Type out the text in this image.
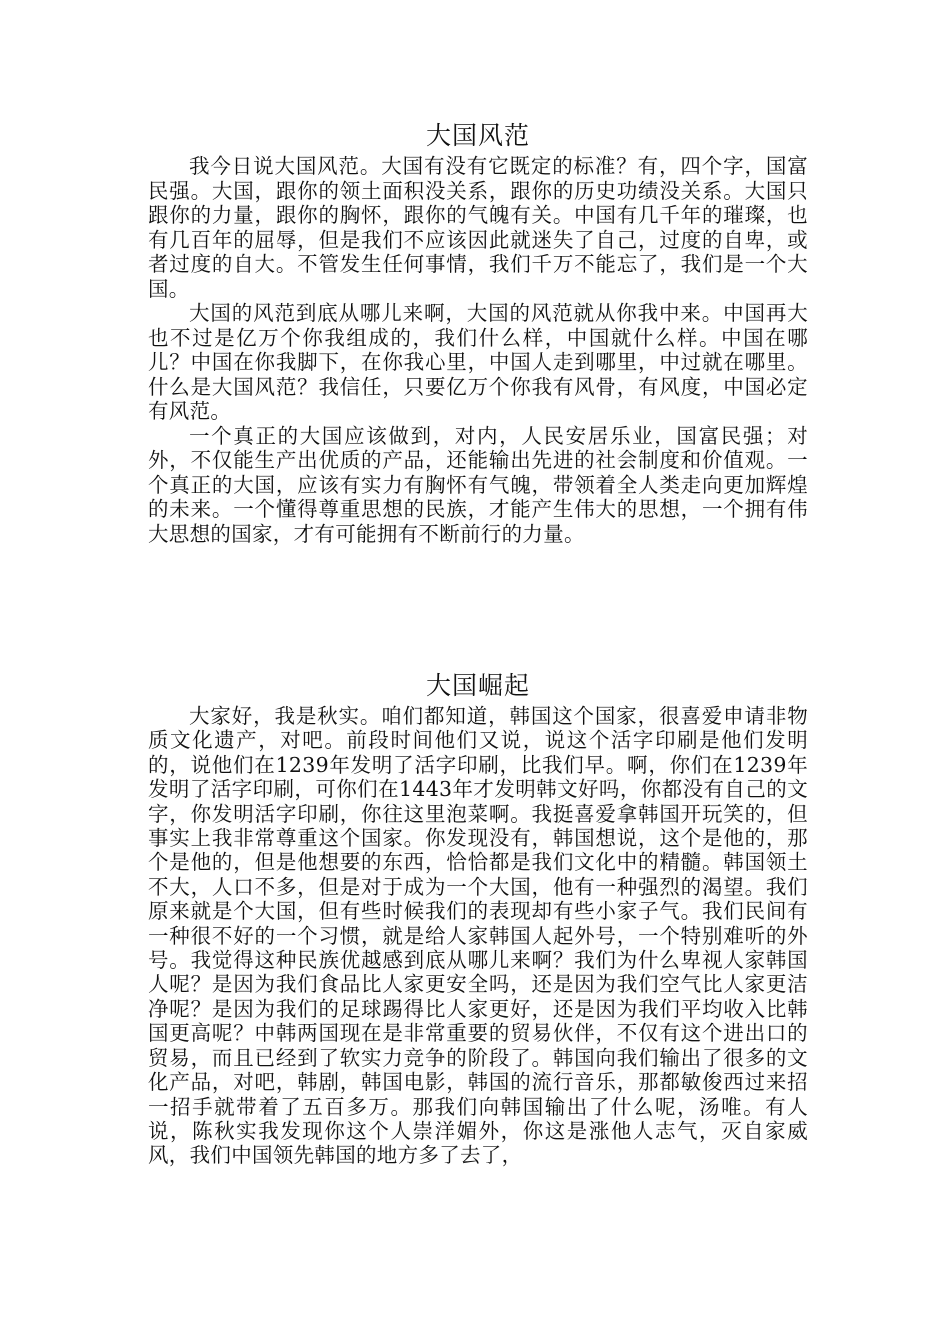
大国风范

我今日说大国风范。大国有没有它既定的标准？有，四个字，国富民强。大国，跟你的领土面积没关系，跟你的历史功绩没关系。大国只跟你的力量，跟你的胸怀，跟你的气魄有关。中国有几千年的璀璨，也有几百年的屈辱，但是我们不应该因此就迷失了自己，过度的自卑，或者过度的自大。不管发生任何事情，我们千万不能忘了，我们是一个大国。

大国的风范到底从哪儿来啊，大国的风范就从你我中来。中国再大也不过是亿万个你我组成的，我们什么样，中国就什么样。中国在哪儿？中国在你我脚下，在你我心里，中国人走到哪里，中过就在哪里。什么是大国风范？我信任，只要亿万个你我有风骨，有风度，中国必定有风范。

一个真正的大国应该做到，对内，人民安居乐业，国富民强；对外，不仅能生产出优质的产品，还能输出先进的社会制度和价值观。一个真正的大国，应该有实力有胸怀有气魄，带领着全人类走向更加辉煌的未来。一个懂得尊重思想的民族，才能产生伟大的思想，一个拥有伟大思想的国家，才有可能拥有不断前行的力量。

大国崛起

大家好，我是秋实。咱们都知道，韩国这个国家，很喜爱申请非物质文化遗产，对吧。前段时间他们又说，说这个活字印刷是他们发明的，说他们在1239年发明了活字印刷，比我们早。啊，你们在1239年发明了活字印刷，可你们在1443年才发明韩文好吗，你都没有自己的文字，你发明活字印刷，你往这里泡菜啊。我挺喜爱拿韩国开玩笑的，但事实上我非常尊重这个国家。你发现没有，韩国想说，这个是他的，那个是他的，但是他想要的东西，恰恰都是我们文化中的精髓。韩国领土不大，人口不多，但是对于成为一个大国，他有一种强烈的渴望。我们原来就是个大国，但有些时候我们的表现却有些小家子气。我们民间有一种很不好的一个习惯，就是给人家韩国人起外号，一个特别难听的外号。我觉得这种民族优越感到底从哪儿来啊？我们为什么卑视人家韩国人呢？是因为我们食品比人家更安全吗，还是因为我们空气比人家更洁净呢？是因为我们的足球踢得比人家更好，还是因为我们平均收入比韩国更高呢？中韩两国现在是非常重要的贸易伙伴，不仅有这个进出口的贸易，而且已经到了软实力竞争的阶段了。韩国向我们输出了很多的文化产品，对吧，韩剧，韩国电影，韩国的流行音乐，那都敏俊西过来招一招手就带着了五百多万。那我们向韩国输出了什么呢，汤唯。有人说，陈秋实我发现你这个人崇洋媚外，你这是涨他人志气，灭自家威风，我们中国领先韩国的地方多了去了，
